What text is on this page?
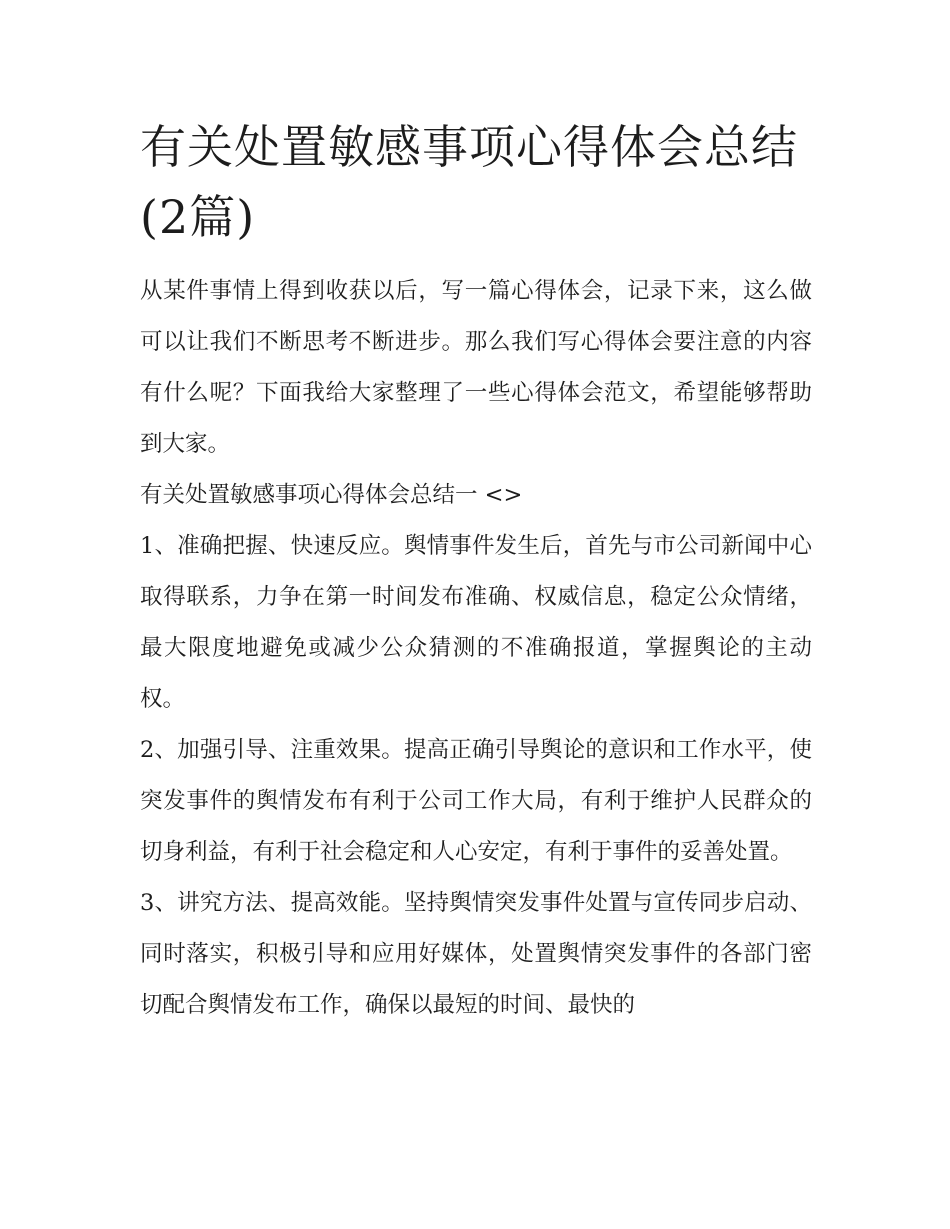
有关处置敏感事项心得体会总结(2篇)

从某件事情上得到收获以后，写一篇心得体会，记录下来，这么做可以让我们不断思考不断进步。那么我们写心得体会要注意的内容有什么呢？下面我给大家整理了一些心得体会范文，希望能够帮助到大家。

有关处置敏感事项心得体会总结一 <>

1、准确把握、快速反应。舆情事件发生后，首先与市公司新闻中心取得联系，力争在第一时间发布准确、权威信息，稳定公众情绪，最大限度地避免或减少公众猜测的不准确报道，掌握舆论的主动权。

2、加强引导、注重效果。提高正确引导舆论的意识和工作水平，使突发事件的舆情发布有利于公司工作大局，有利于维护人民群众的切身利益，有利于社会稳定和人心安定，有利于事件的妥善处置。

3、讲究方法、提高效能。坚持舆情突发事件处置与宣传同步启动、同时落实，积极引导和应用好媒体，处置舆情突发事件的各部门密切配合舆情发布工作，确保以最短的时间、最快的
